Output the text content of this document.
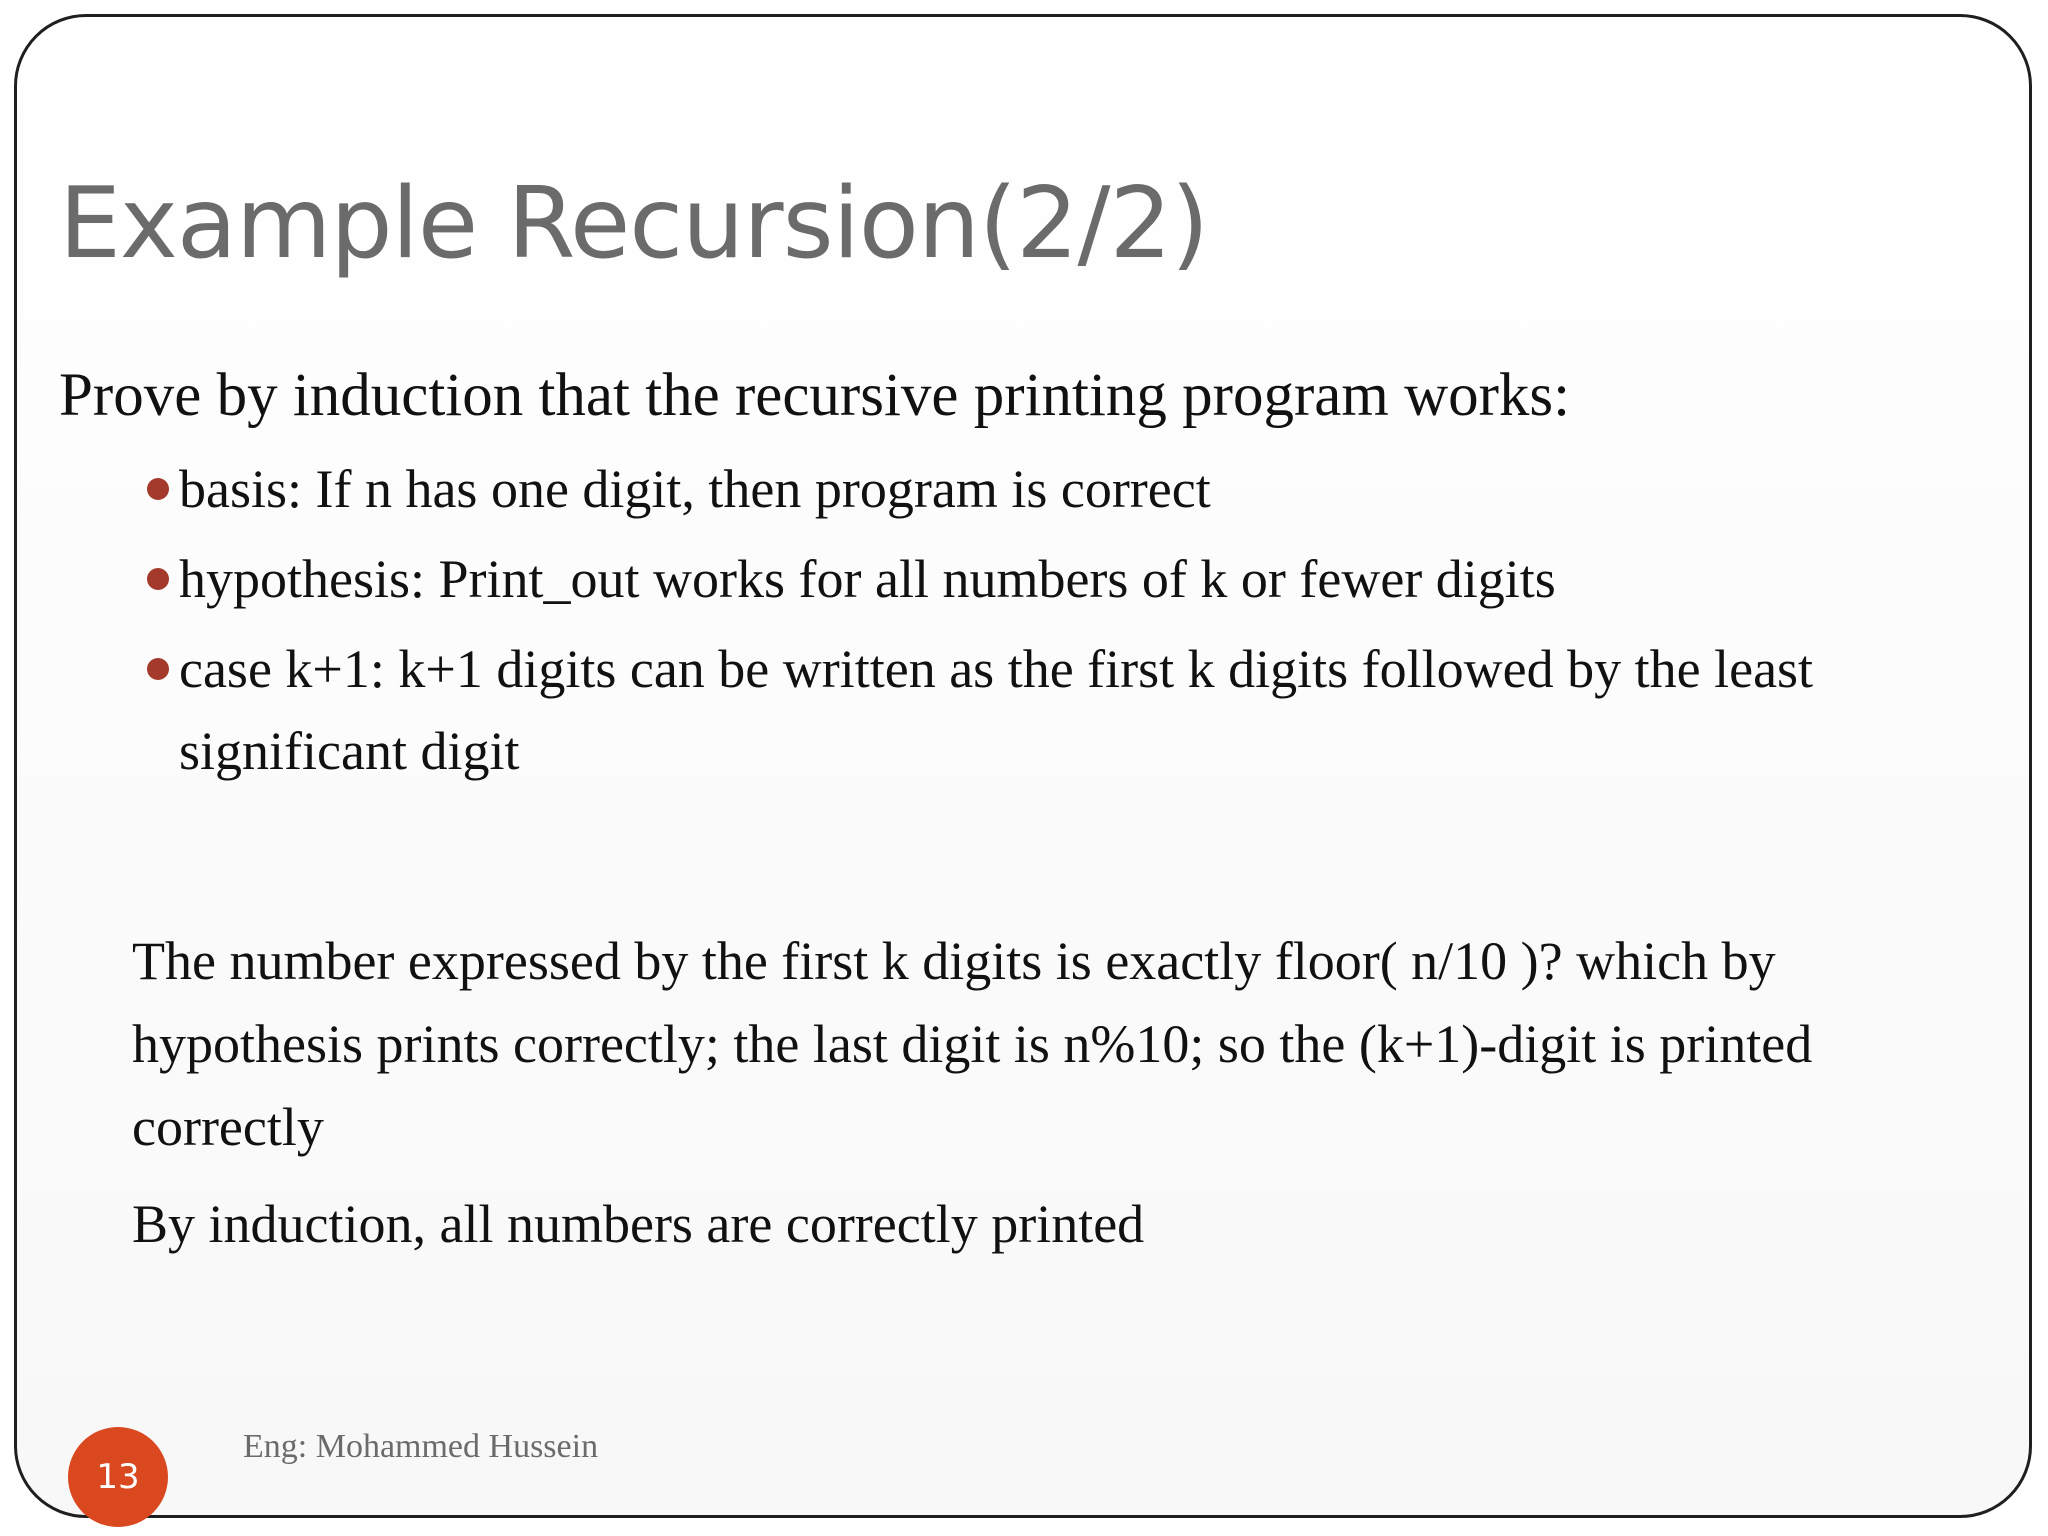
Example Recursion(2/2)

Prove by induction that the recursive printing program works:

basis: If n has one digit, then program is correct
hypothesis: Print_out works for all numbers of k or fewer digits
case k+1: k+1 digits can be written as the first k digits followed by the least significant digit

The number expressed by the first k digits is exactly floor( n/10 )? which by hypothesis prints correctly; the last digit is n%10; so the (k+1)-digit is printed correctly

By induction, all numbers are correctly printed

Eng: Mohammed Hussein
13
